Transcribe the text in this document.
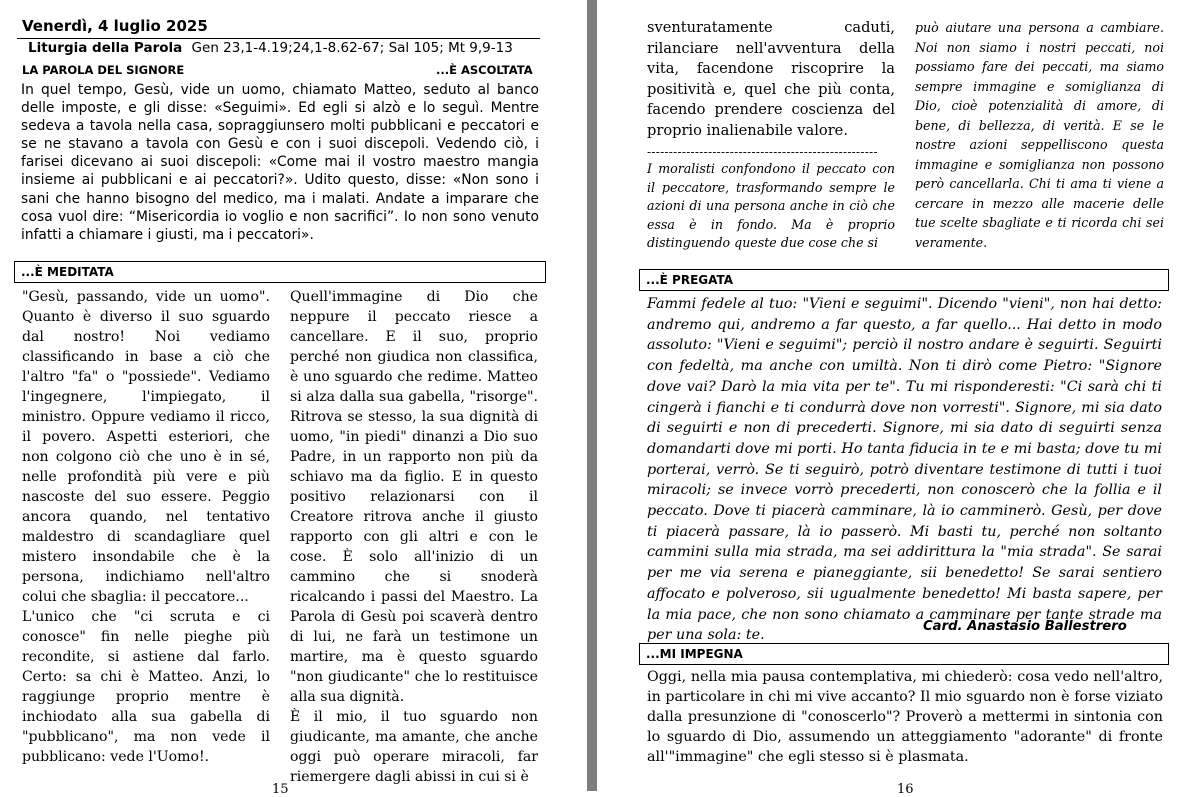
Venerdì, 4 luglio 2025
Liturgia della Parola Gen 23,1-4.19;24,1-8.62-67; Sal 105; Mt 9,9-13
LA PAROLA DEL SIGNORE	...È ASCOLTATA
In quel tempo, Gesù, vide un uomo, chiamato Matteo, seduto al banco delle imposte, e gli disse: «Seguimi». Ed egli si alzò e lo seguì. Mentre sedeva a tavola nella casa, sopraggiunsero molti pubblicani e peccatori e se ne stavano a tavola con Gesù e con i suoi discepoli. Vedendo ciò, i farisei dicevano ai suoi discepoli: «Come mai il vostro maestro mangia insieme ai pubblicani e ai peccatori?». Udito questo, disse: «Non sono i sani che hanno bisogno del medico, ma i malati. Andate a imparare che cosa vuol dire: “Misericordia io voglio e non sacrifici”. Io non sono venuto infatti a chiamare i giusti, ma i peccatori».
...È MEDITATA
"Gesù, passando, vide un uomo". Quanto è diverso il suo sguardo dal nostro! Noi vediamo classificando in base a ciò che l'altro "fa" o "possiede". Vediamo l'ingegnere, l'impiegato, il ministro. Oppure vediamo il ricco, il povero. Aspetti esteriori, che non colgono ciò che uno è in sé, nelle profondità più vere e più nascoste del suo essere. Peggio ancora quando, nel tentativo maldestro di scandagliare quel mistero insondabile che è la persona, indichiamo nell'altro colui che sbaglia: il peccatore...
L'unico che "ci scruta e ci conosce" fin nelle pieghe più recondite, si astiene dal farlo. Certo: sa chi è Matteo. Anzi, lo raggiunge proprio mentre è inchiodato alla sua gabella di "pubblicano", ma non vede il pubblicano: vede l'Uomo!.
Quell'immagine di Dio che neppure il peccato riesce a cancellare. E il suo, proprio perché non giudica non classifica, è uno sguardo che redime. Matteo si alza dalla sua gabella, "risorge". Ritrova se stesso, la sua dignità di uomo, "in piedi" dinanzi a Dio suo Padre, in un rapporto non più da schiavo ma da figlio. E in questo positivo relazionarsi con il Creatore ritrova anche il giusto rapporto con gli altri e con le cose. È solo all'inizio di un cammino che si snoderà ricalcando i passi del Maestro. La Parola di Gesù poi scaverà dentro di lui, ne farà un testimone un martire, ma è questo sguardo "non giudicante" che lo restituisce alla sua dignità.
È il mio, il tuo sguardo non giudicante, ma amante, che anche oggi può operare miracoli, far riemergere dagli abissi in cui si è
15
sventuratamente caduti, rilanciare nell'avventura della vita, facendone riscoprire la positività e, quel che più conta, facendo prendere coscienza del proprio inalienabile valore.
-----------------------------------------------------
I moralisti confondono il peccato con il peccatore, trasformando sempre le azioni di una persona anche in ciò che essa è in fondo. Ma è proprio distinguendo queste due cose che si
può aiutare una persona a cambiare. Noi non siamo i nostri peccati, noi possiamo fare dei peccati, ma siamo sempre immagine e somiglianza di Dio, cioè potenzialità di amore, di bene, di bellezza, di verità. E se le nostre azioni seppelliscono questa immagine e somiglianza non possono però cancellarla. Chi ti ama ti viene a cercare in mezzo alle macerie delle tue scelte sbagliate e ti ricorda chi sei veramente.
...È PREGATA
Fammi fedele al tuo: "Vieni e seguimi". Dicendo "vieni", non hai detto: andremo qui, andremo a far questo, a far quello... Hai detto in modo assoluto: "Vieni e seguimi"; perciò il nostro andare è seguirti. Seguirti con fedeltà, ma anche con umiltà. Non ti dirò come Pietro: "Signore dove vai? Darò la mia vita per te". Tu mi risponderesti: "Ci sarà chi ti cingerà i fianchi e ti condurrà dove non vorresti". Signore, mi sia dato di seguirti e non di precederti. Signore, mi sia dato di seguirti senza domandarti dove mi porti. Ho tanta fiducia in te e mi basta; dove tu mi porterai, verrò. Se ti seguirò, potrò diventare testimone di tutti i tuoi miracoli; se invece vorrò precederti, non conoscerò che la follia e il peccato. Dove ti piacerà camminare, là io camminerò. Gesù, per dove ti piacerà passare, là io passerò. Mi basti tu, perché non soltanto cammini sulla mia strada, ma sei addirittura la "mia strada". Se sarai per me via serena e pianeggiante, sii benedetto! Se sarai sentiero affocato e polveroso, sii ugualmente benedetto! Mi basta sapere, per la mia pace, che non sono chiamato a camminare per tante strade ma per una sola: te.
Card. Anastasio Ballestrero
...MI IMPEGNA
Oggi, nella mia pausa contemplativa, mi chiederò: cosa vedo nell'altro, in particolare in chi mi vive accanto? Il mio sguardo non è forse viziato dalla presunzione di "conoscerlo"? Proverò a mettermi in sintonia con lo sguardo di Dio, assumendo un atteggiamento "adorante" di fronte all'"immagine" che egli stesso si è plasmata.
16
